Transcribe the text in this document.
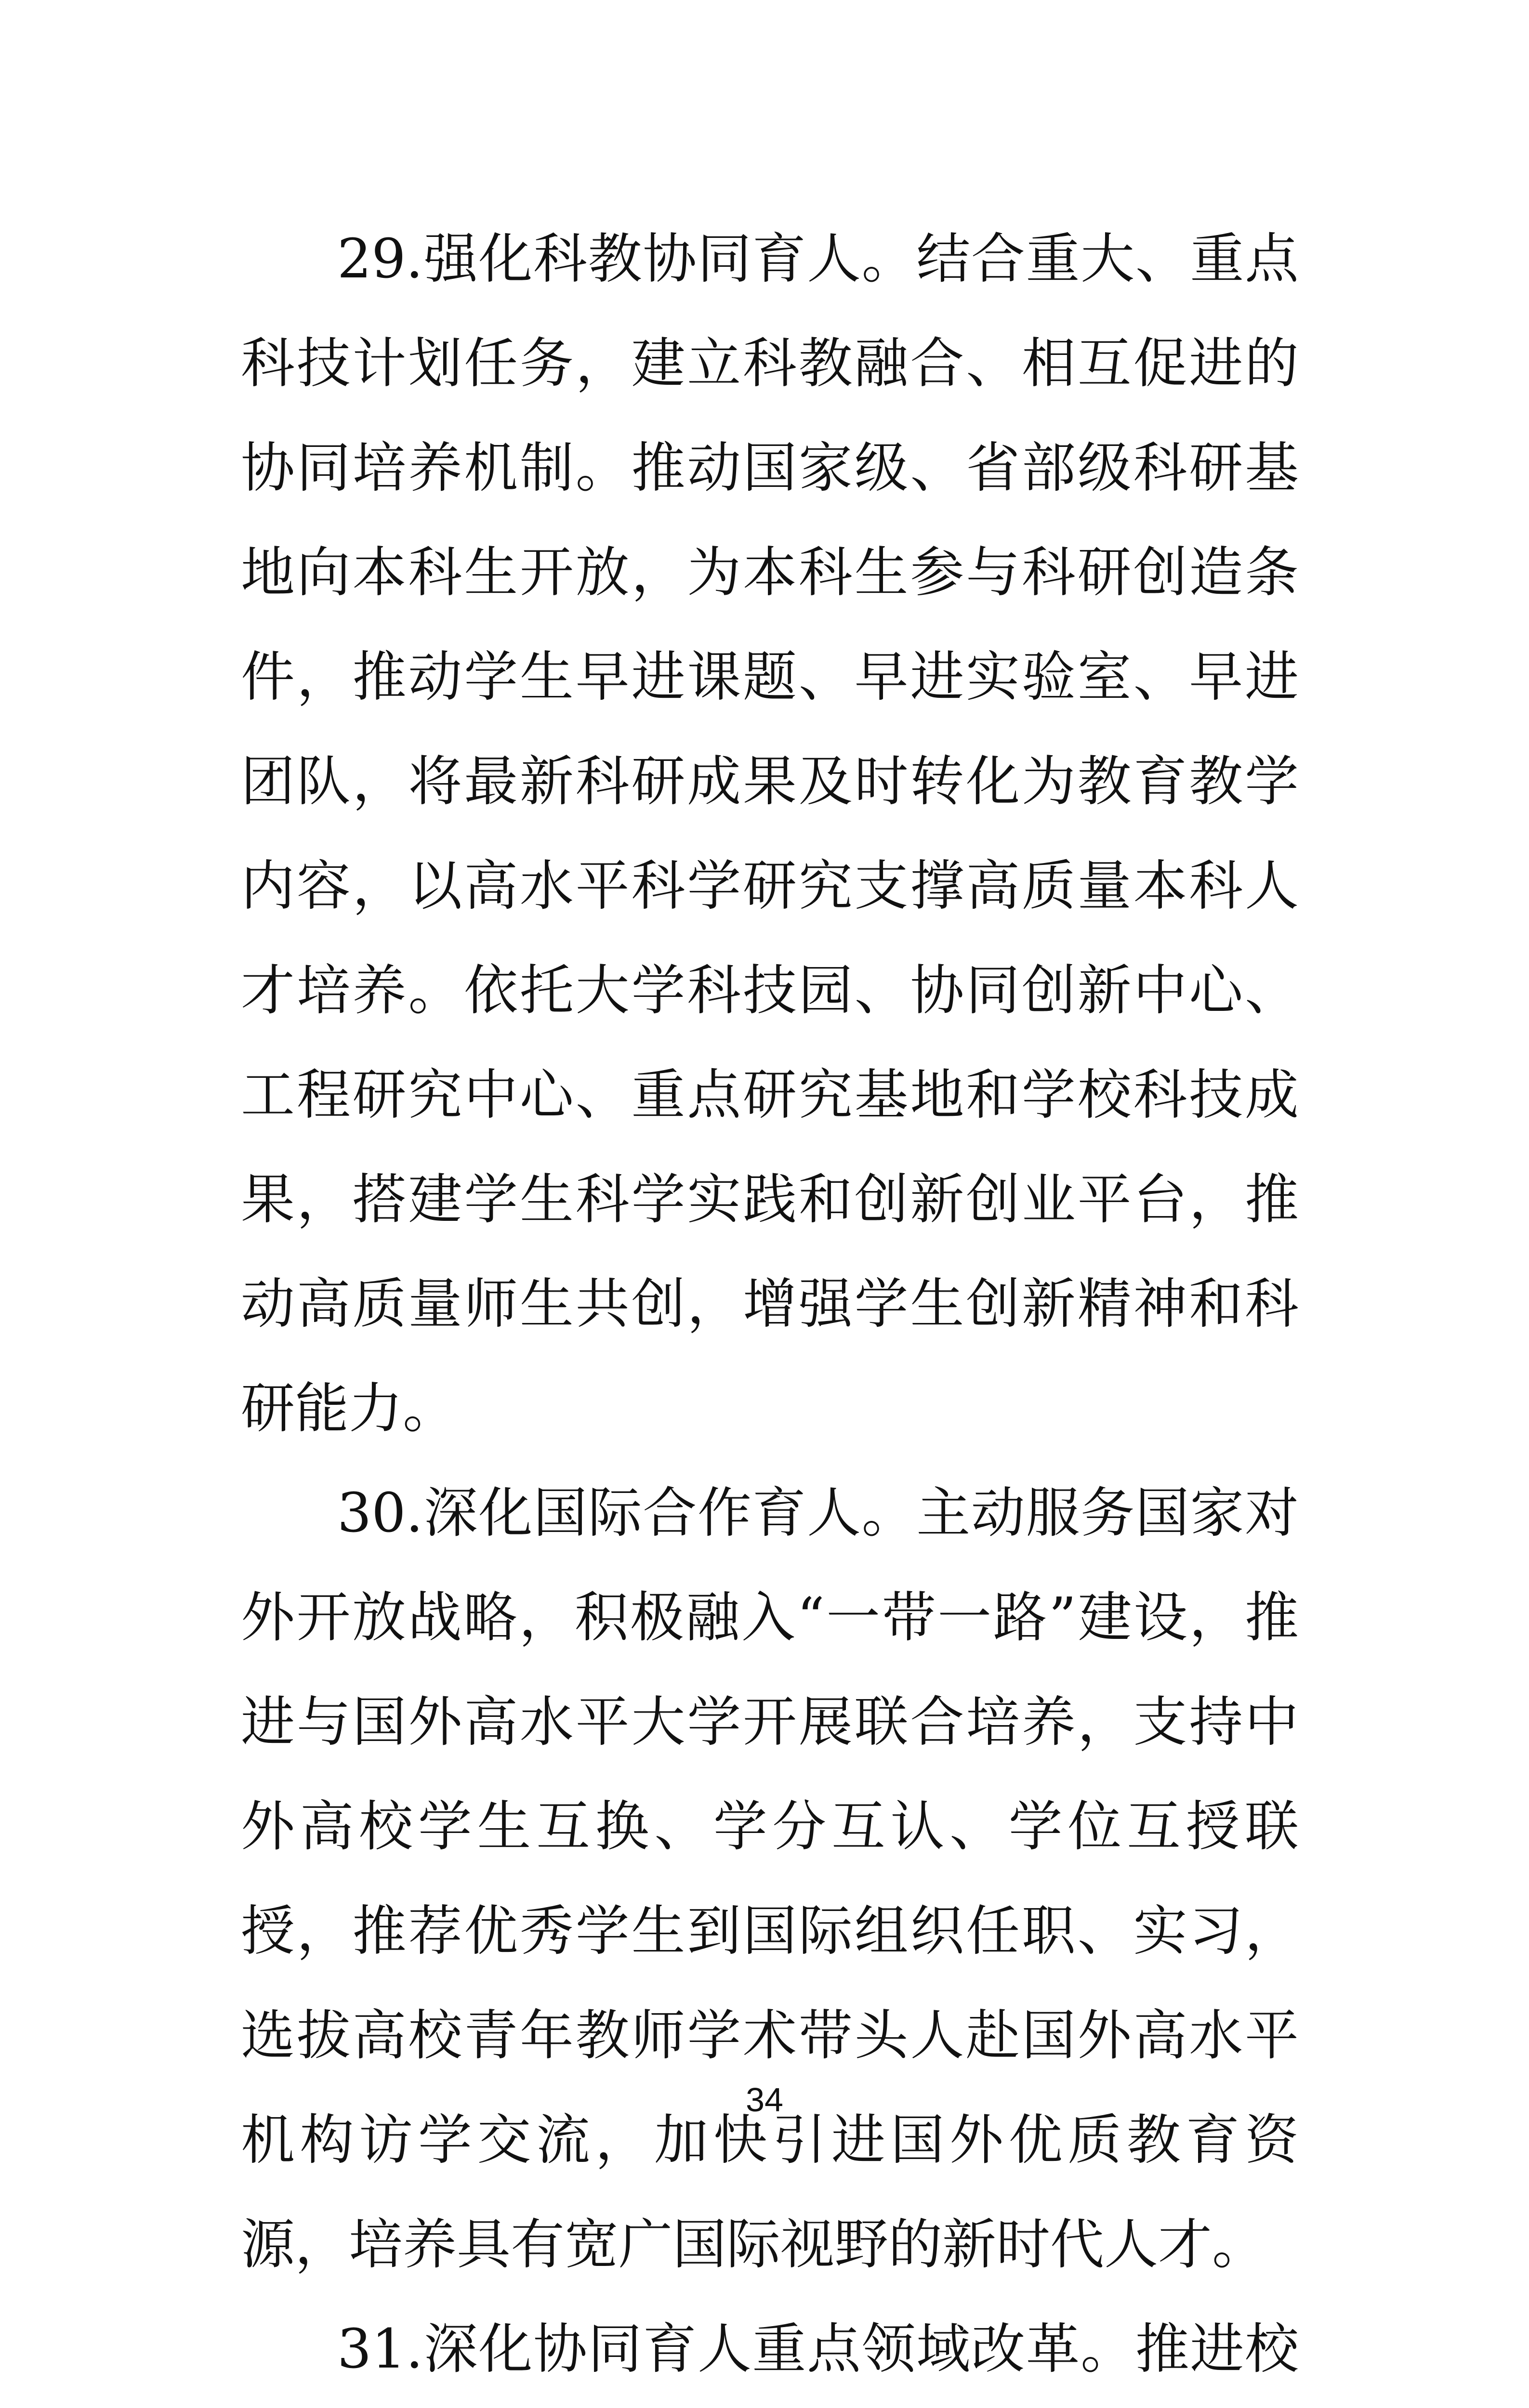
29.强化科教协同育人。结合重大、重点科技计划任务，建立科教融合、相互促进的协同培养机制。推动国家级、省部级科研基地向本科生开放，为本科生参与科研创造条件，推动学生早进课题、早进实验室、早进团队，将最新科研成果及时转化为教育教学内容，以高水平科学研究支撑高质量本科人才培养。依托大学科技园、协同创新中心、工程研究中心、重点研究基地和学校科技成果，搭建学生科学实践和创新创业平台，推动高质量师生共创，增强学生创新精神和科研能力。

30.深化国际合作育人。主动服务国家对外开放战略，积极融入“一带一路”建设，推进与国外高水平大学开展联合培养，支持中外高校学生互换、学分互认、学位互授联授，推荐优秀学生到国际组织任职、实习，选拔高校青年教师学术带头人赴国外高水平机构访学交流，加快引进国外优质教育资源，培养具有宽广国际视野的新时代人才。

31.深化协同育人重点领域改革。推进校

34
